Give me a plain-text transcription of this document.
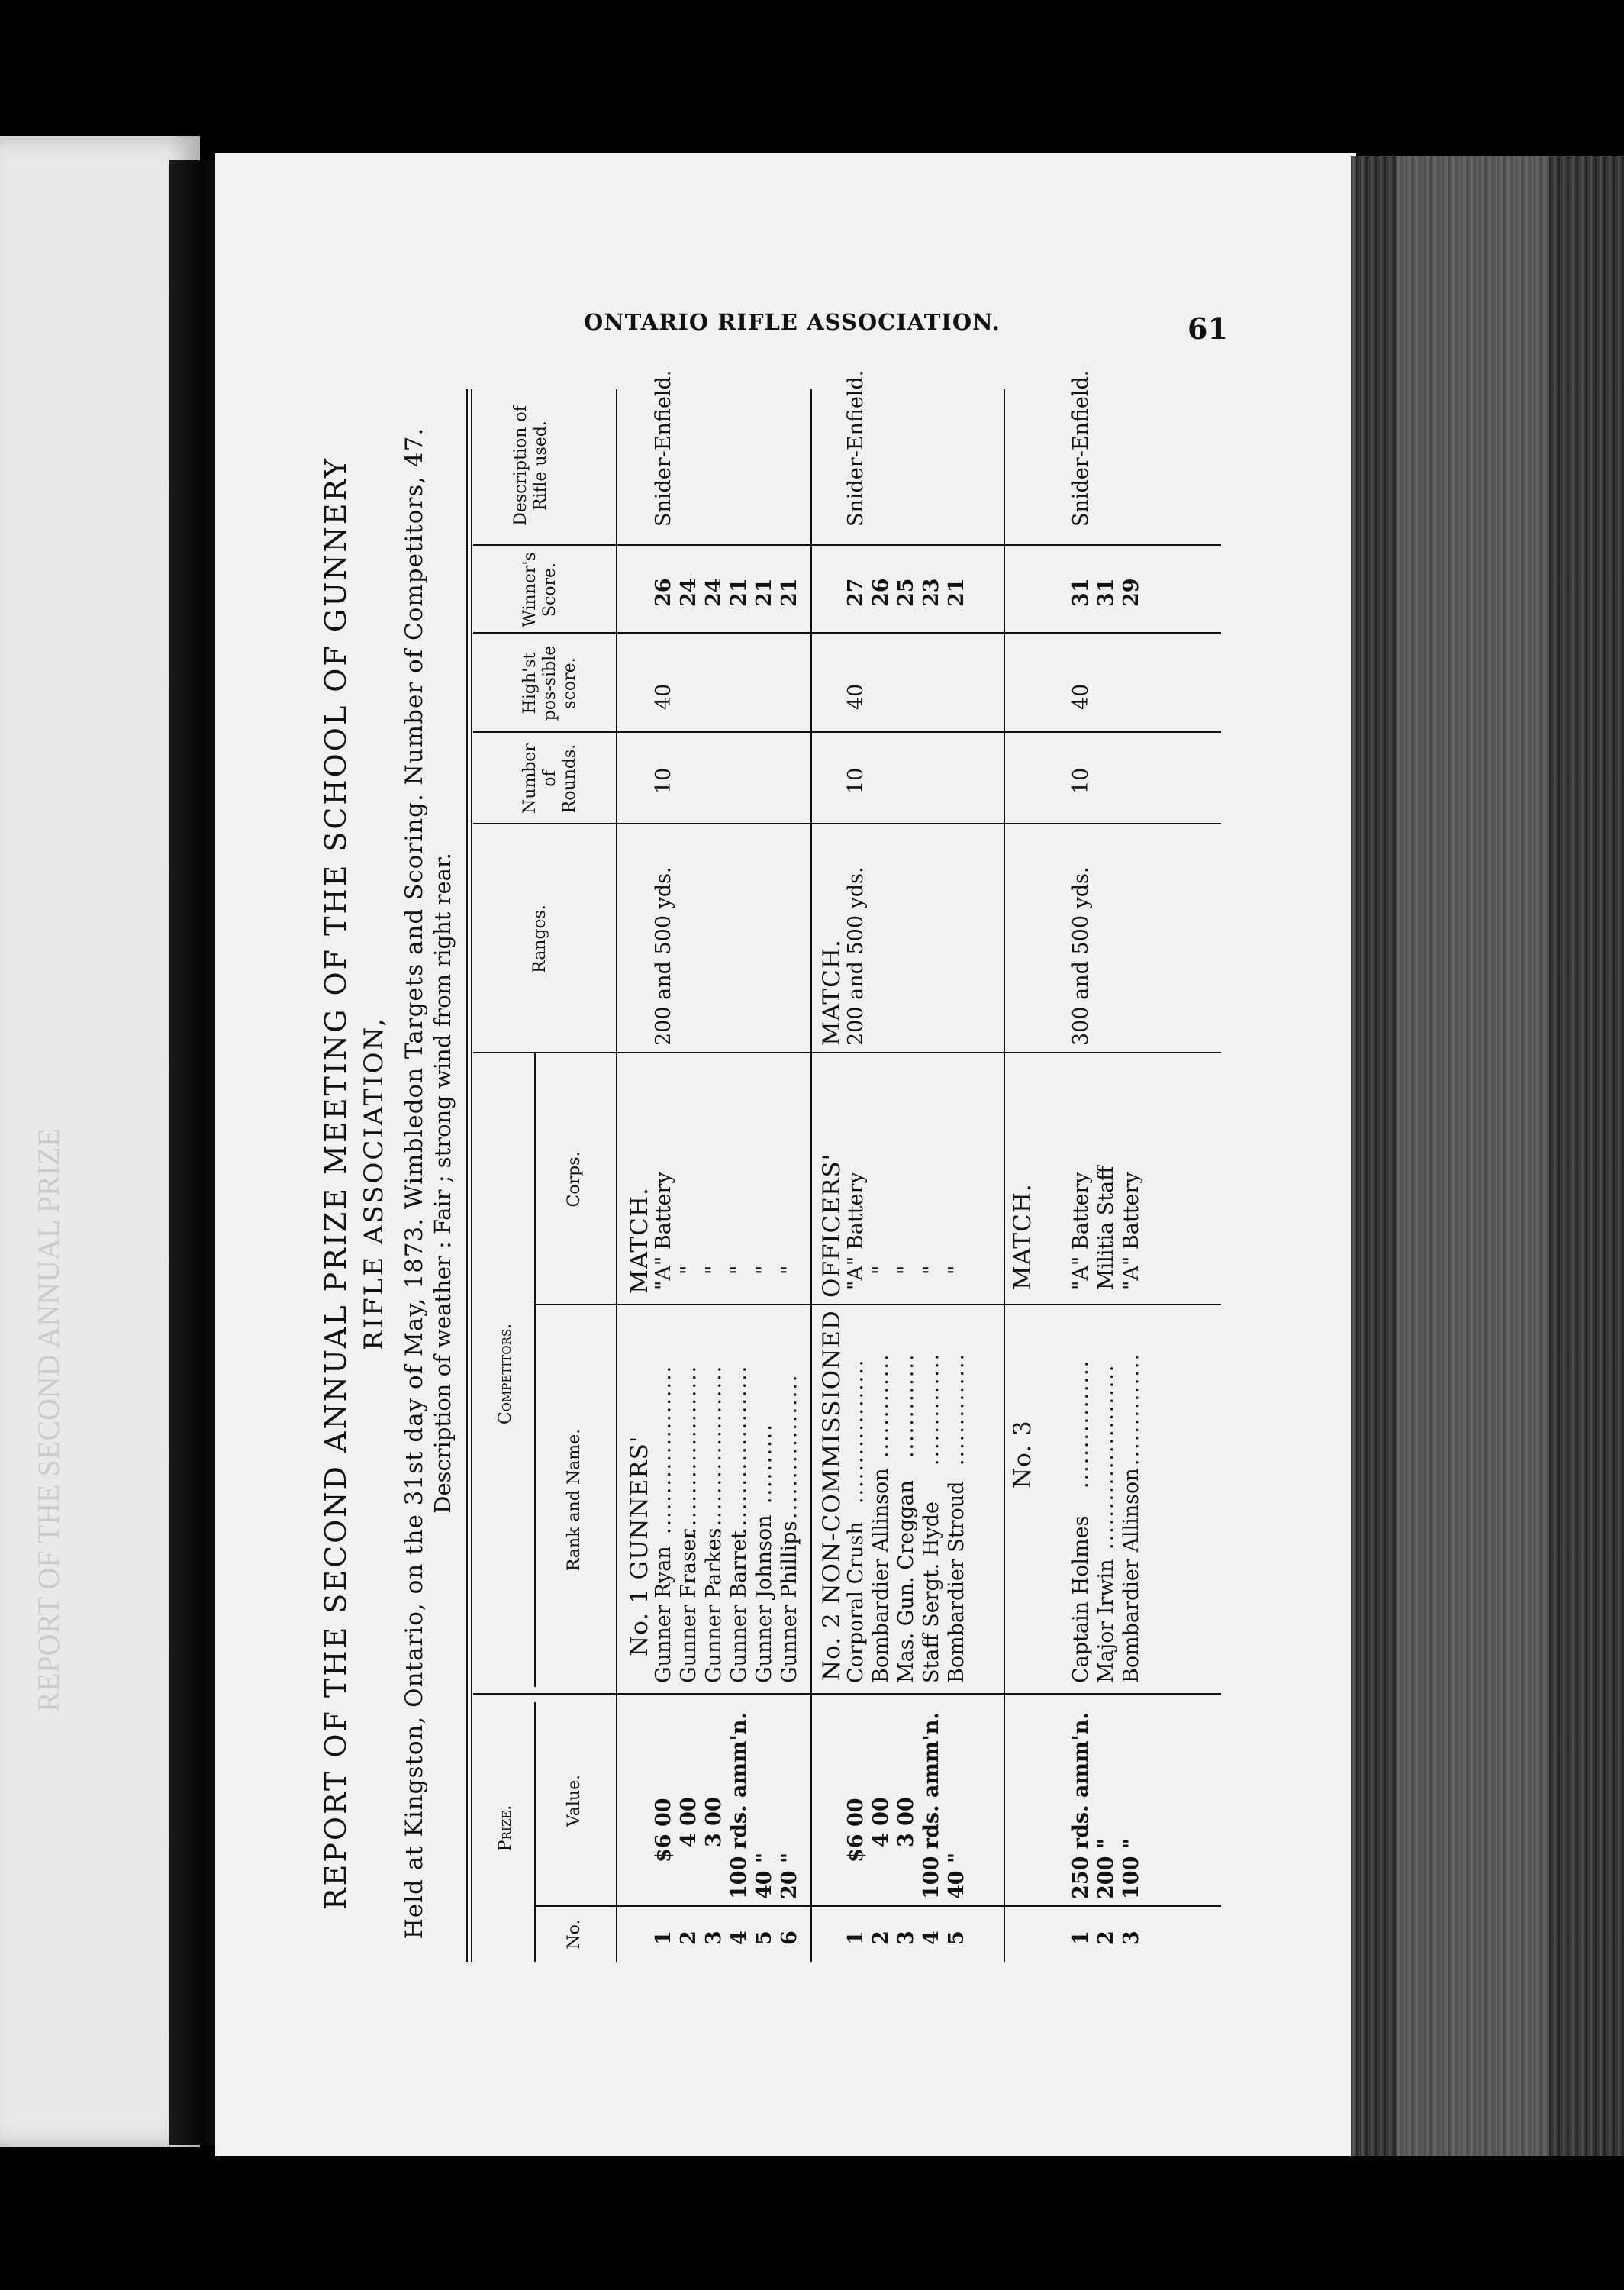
REPORT OF THE SECOND ANNUAL PRIZE
ONTARIO RIFLE ASSOCIATION.	61
REPORT OF THE SECOND ANNUAL PRIZE MEETING OF THE SCHOOL OF GUNNERY RIFLE ASSOCIATION, Held at Kingston, Ontario, on the 31st day of May, 1873. Wimbledon Targets and Scoring. Number of Competitors, 47. Description of weather : Fair ; strong wind from right rear.
Prize.
No.
Value.
Competitors.
Rank and Name.
Corps.
Ranges.
Number of Rounds.
Winner's Score.
High'st pos-sible score.
Description of Rifle used.
No. 1 GUNNERS'
MATCH.
200 and 500 yds.
10
40
Snider-Enfield.
1
$6 00
Gunner Ryan
.....................
"A" Battery
26
2
4 00
Gunner Fraser
.....................
"
24
3
3 00
Gunner Parkes
.....................
"
24
4
100 rds. amm'n.
Gunner Barret
.....................
"
21
5
40 "
Gunner Johnson
..........
"
21
6
20 "
Gunner Phillips
..................
"
21
No. 2 NON-COMMISSIONED
OFFICERS'
MATCH.
200 and 500 yds.
10
40
Snider-Enfield.
1
$6 00
Corporal Crush
..................
"A" Battery
27
2
4 00
Bombardier Allinson
.............
"
26
3
3 00
Mas. Gun. Creggan
.............
"
25
4
100 rds. amm'n.
Staff Sergt. Hyde
..............
"
23
5
40 "
Bombardier Stroud
..............
"
21
No. 3
MATCH.
300 and 500 yds.
10
40
Snider-Enfield.
1
250 rds. amm'n.
Captain Holmes
................
"A" Battery
31
2
200 "
Major Irwin
.......................
Militia Staff
31
3
100 "
Bombardier Allinson
..............
"A" Battery
29
